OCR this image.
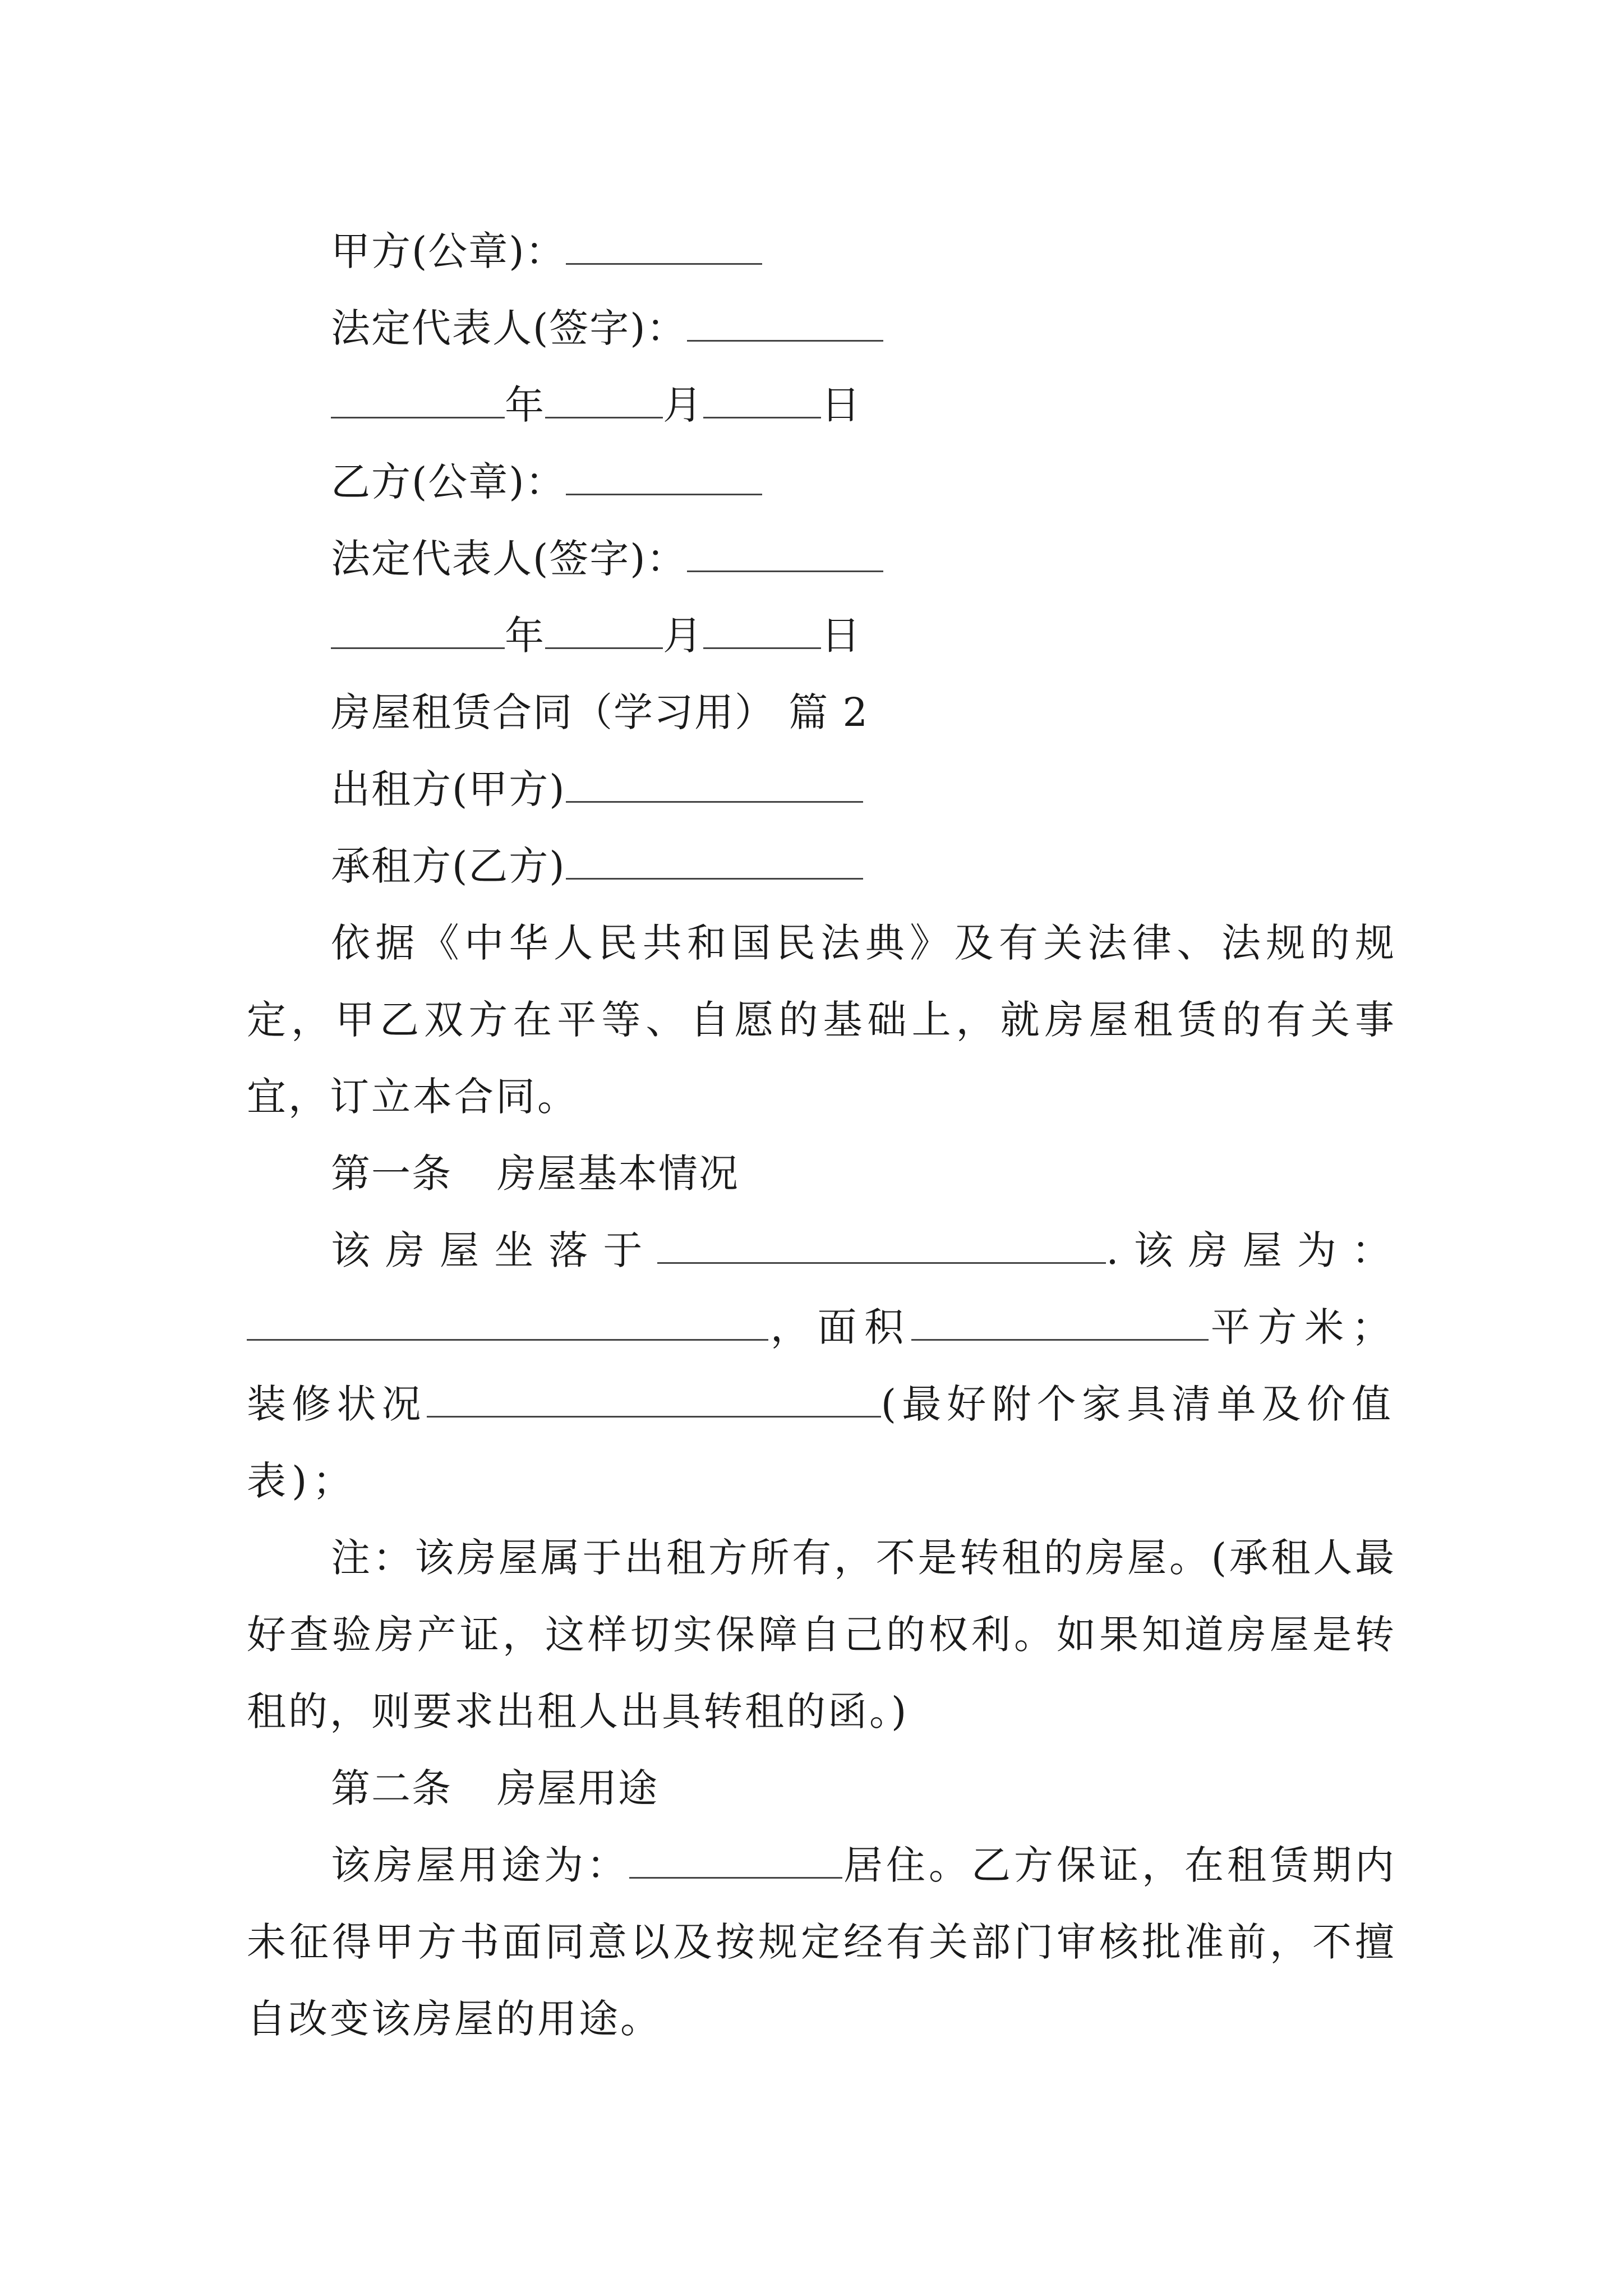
甲方(公章)：
法定代表人(签字)：
年	月	日
乙方(公章)：
法定代表人(签字)：
年	月	日
房屋租赁合同（学习用） 篇 2
出租方(甲方)
承租方(乙方)
依据《中华人民共和国民法典》及有关法律、法规的规定，甲乙双方在平等、自愿的基础上，就房屋租赁的有关事宜，订立本合同。
第一条 房屋基本情况
该房屋坐落于	.该房屋为：，面积	平方米；装修状况	(最好附个家具清单及价值表)；
注：该房屋属于出租方所有，不是转租的房屋。(承租人最好查验房产证，这样切实保障自己的权利。如果知道房屋是转租的，则要求出租人出具转租的函。)
第二条 房屋用途
该房屋用途为：	居住。乙方保证，在租赁期内未征得甲方书面同意以及按规定经有关部门审核批准前，不擅自改变该房屋的用途。
